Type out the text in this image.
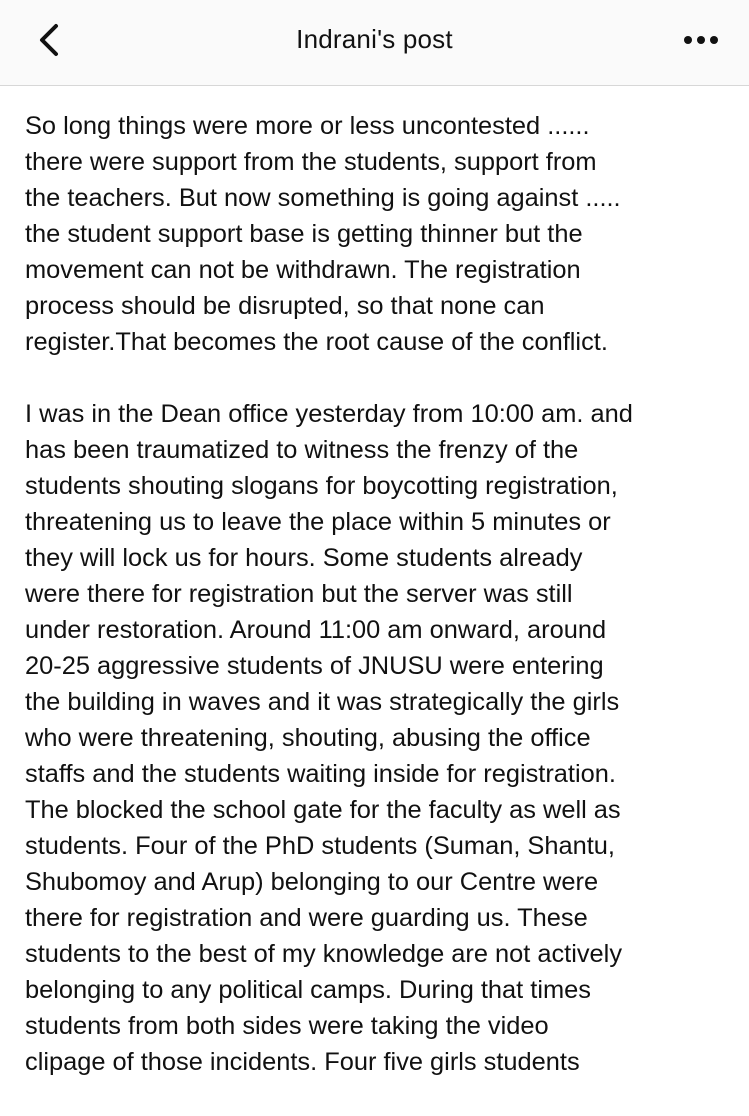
Indrani's post

So long things were more or less uncontested ......
there were support from the students, support from
the teachers. But now something is going against .....
the student support base is getting thinner but the
movement can not be withdrawn. The registration
process should be disrupted, so that none can
register.That becomes the root cause of the conflict.

I was in the Dean office yesterday from 10:00 am. and
has been traumatized to witness the frenzy of the
students shouting slogans for boycotting registration,
threatening us to leave the place within 5 minutes or
they will lock us for hours. Some students already
were there for registration but the server was still
under restoration. Around 11:00 am onward, around
20-25 aggressive students of JNUSU were entering
the building in waves and it was strategically the girls
who were threatening, shouting, abusing the office
staffs and the students waiting inside for registration.
The blocked the school gate for the faculty as well as
students. Four of the PhD students (Suman, Shantu,
Shubomoy and Arup) belonging to our Centre were
there for registration and were guarding us. These
students to the best of my knowledge are not actively
belonging to any political camps. During that times
students from both sides were taking the video
clipage of those incidents. Four five girls students
